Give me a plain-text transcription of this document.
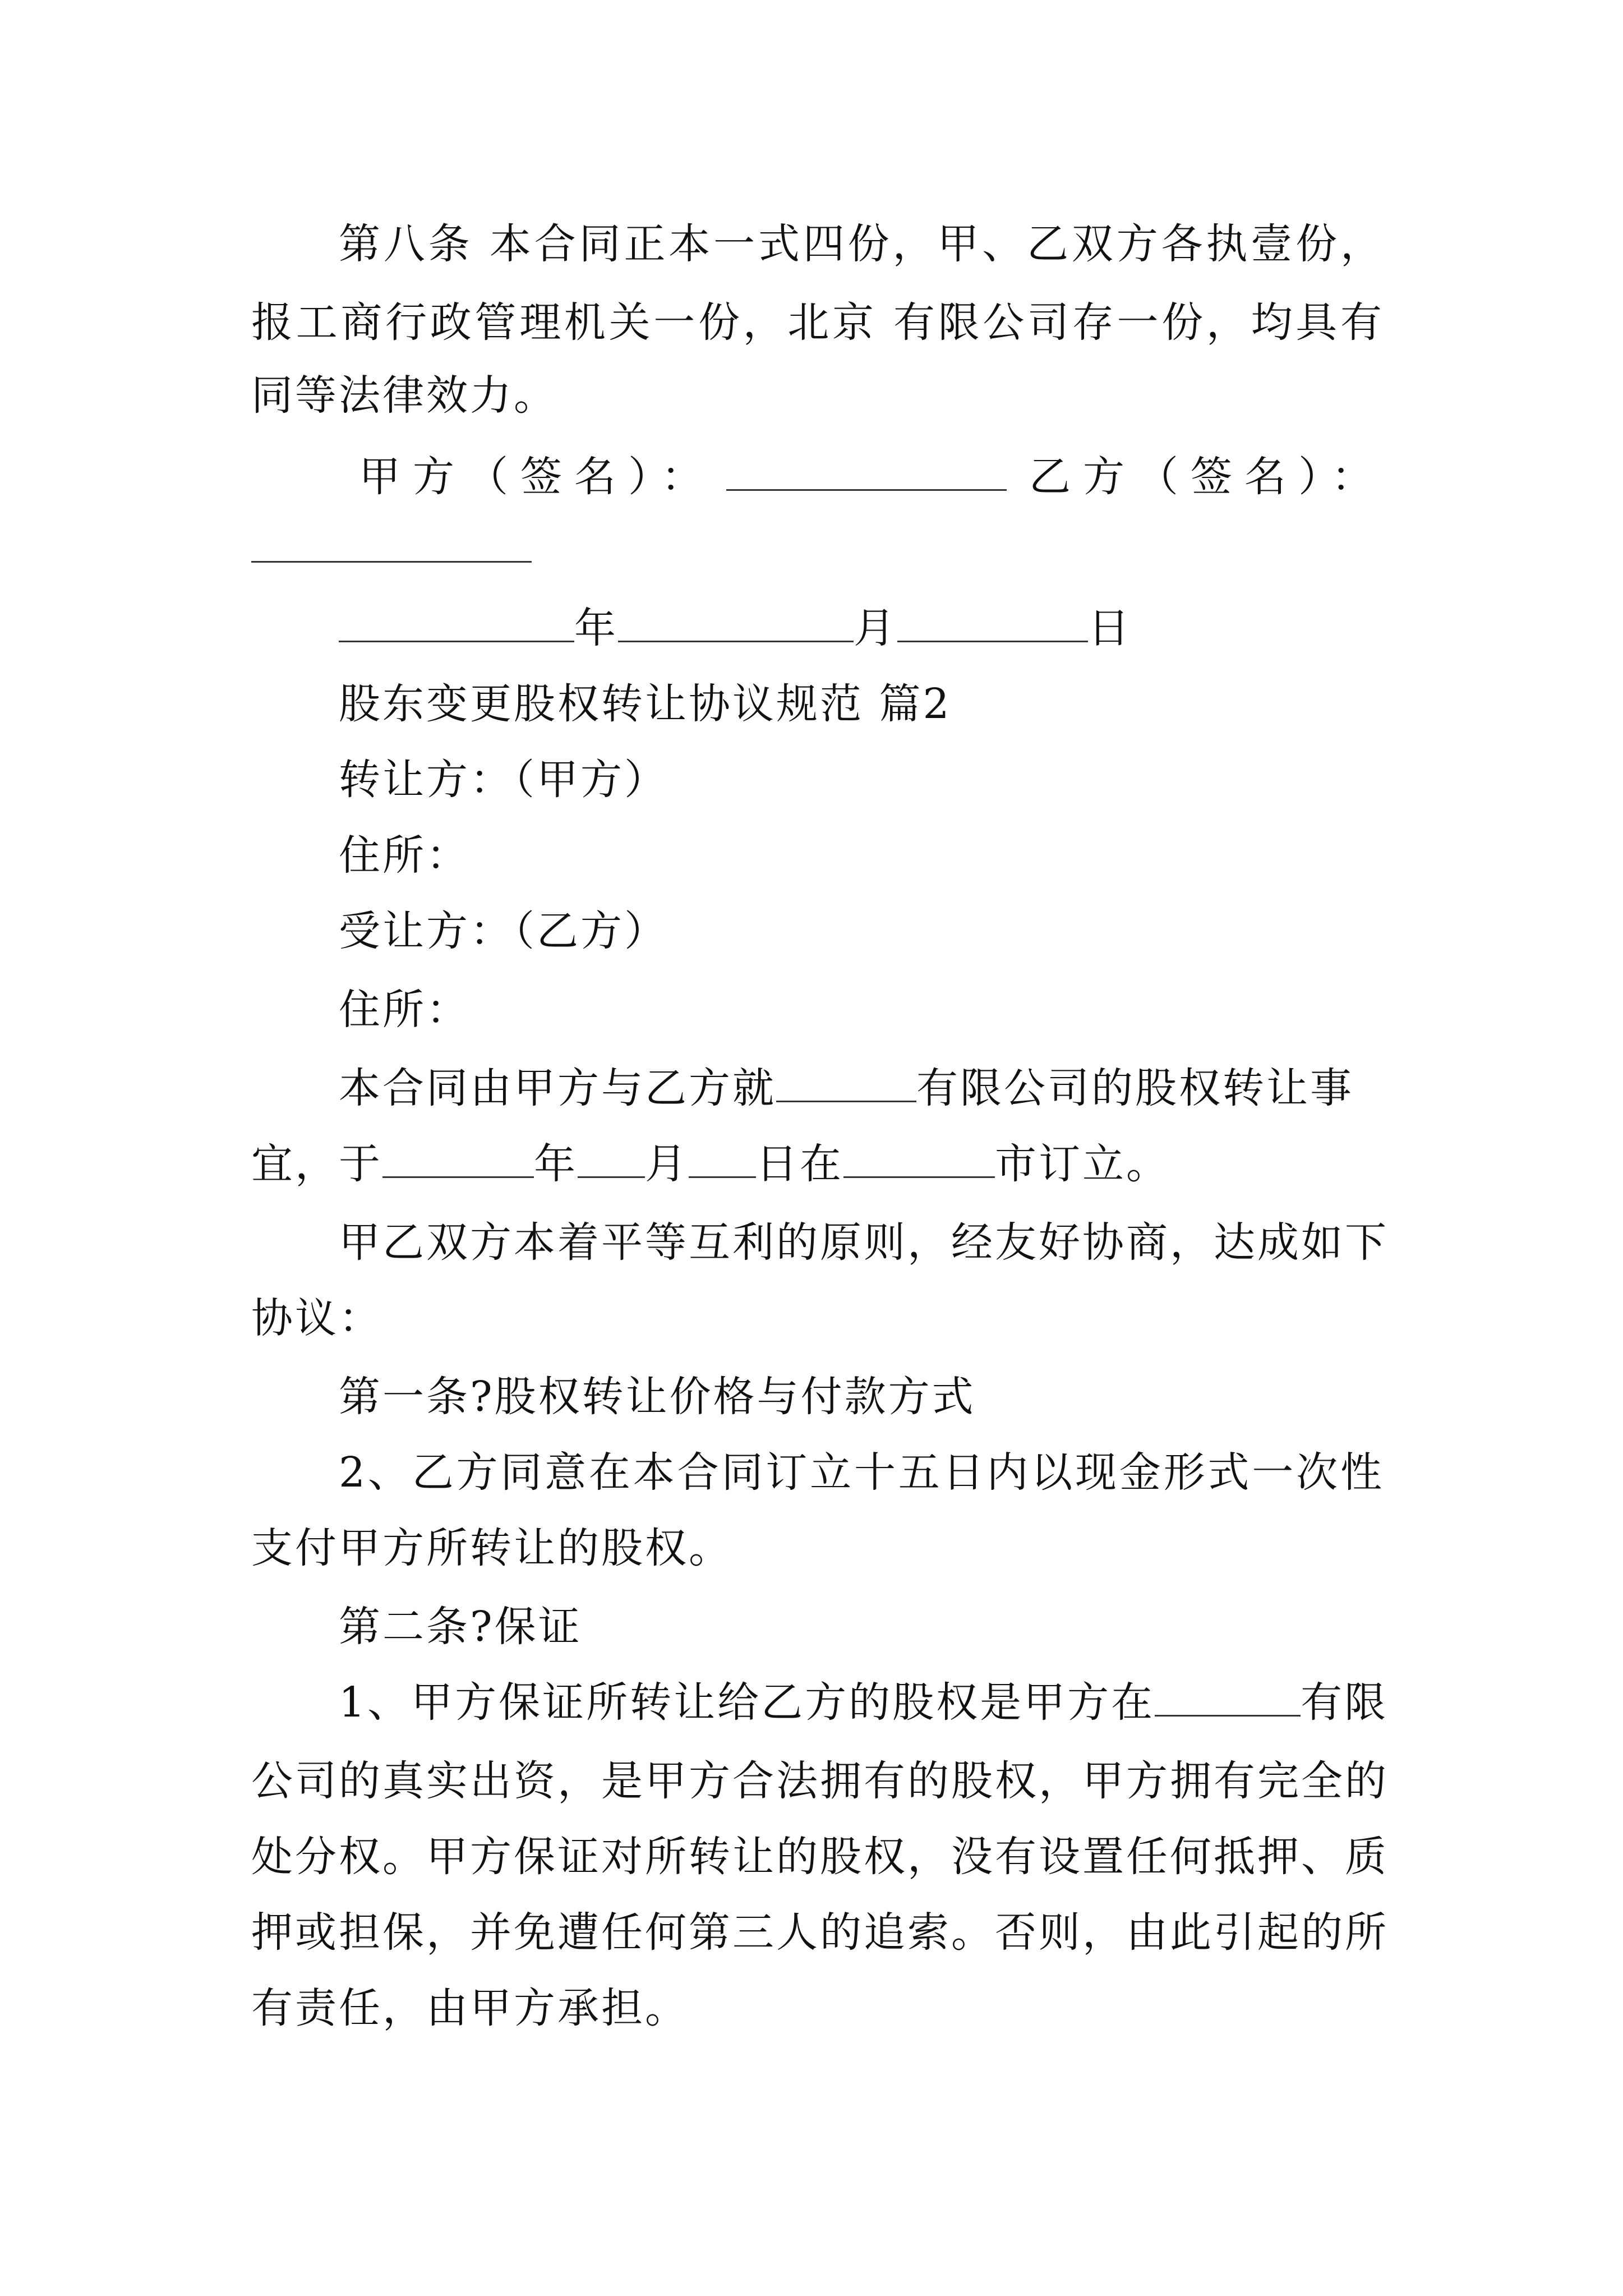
第八条 本合同正本一式四份，甲、乙双方各执壹份，
报工商行政管理机关一份，北京 有限公司存一份，均具有
同等法律效力。
甲方（签名）：	乙方（签名）：
年	月	日
股东变更股权转让协议规范 篇2
转让方：（甲方）
住所：
受让方：（乙方）
住所：
本合同由甲方与乙方就	有限公司的股权转让事
宜，于	年 月 日在	市订立。
甲乙双方本着平等互利的原则，经友好协商，达成如下
协议：
第一条?股权转让价格与付款方式
2、乙方同意在本合同订立十五日内以现金形式一次性
支付甲方所转让的股权。
第二条?保证
1、甲方保证所转让给乙方的股权是甲方在	有限
公司的真实出资，是甲方合法拥有的股权，甲方拥有完全的
处分权。甲方保证对所转让的股权，没有设置任何抵押、质
押或担保，并免遭任何第三人的追索。否则，由此引起的所
有责任，由甲方承担。
